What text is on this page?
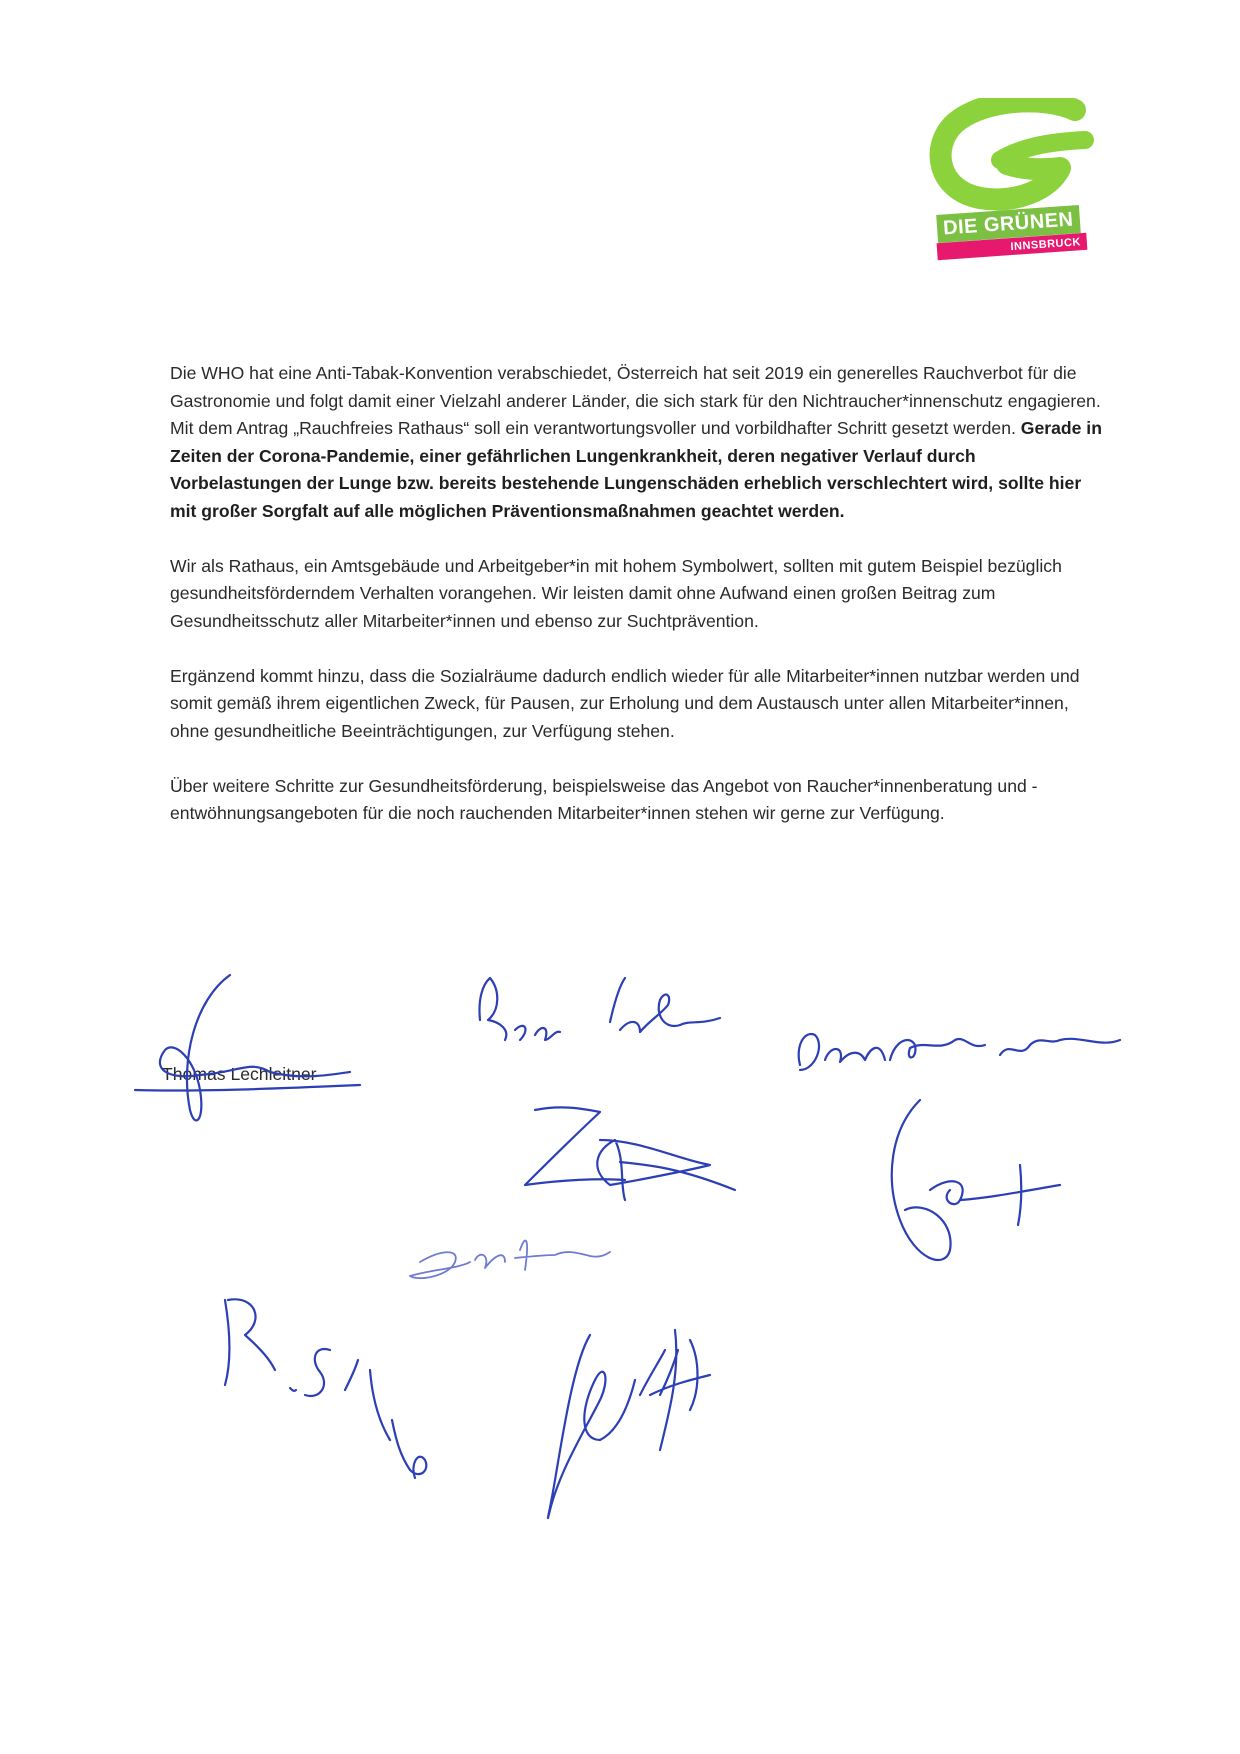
DIE GRÜNEN
INNSBRUCK

Die WHO hat eine Anti-Tabak-Konvention verabschiedet, Österreich hat seit 2019 ein generelles Rauchverbot für die Gastronomie und folgt damit einer Vielzahl anderer Länder, die sich stark für den Nichtraucher*innenschutz engagieren. Mit dem Antrag „Rauchfreies Rathaus“ soll ein verantwortungsvoller und vorbildhafter Schritt gesetzt werden. Gerade in Zeiten der Corona-Pandemie, einer gefährlichen Lungenkrankheit, deren negativer Verlauf durch Vorbelastungen der Lunge bzw. bereits bestehende Lungenschäden erheblich verschlechtert wird, sollte hier mit großer Sorgfalt auf alle möglichen Präventionsmaßnahmen geachtet werden.

Wir als Rathaus, ein Amtsgebäude und Arbeitgeber*in mit hohem Symbolwert, sollten mit gutem Beispiel bezüglich gesundheitsförderndem Verhalten vorangehen. Wir leisten damit ohne Aufwand einen großen Beitrag zum Gesundheitsschutz aller Mitarbeiter*innen und ebenso zur Suchtprävention.

Ergänzend kommt hinzu, dass die Sozialräume dadurch endlich wieder für alle Mitarbeiter*innen nutzbar werden und somit gemäß ihrem eigentlichen Zweck, für Pausen, zur Erholung und dem Austausch unter allen Mitarbeiter*innen, ohne gesundheitliche Beeinträchtigungen, zur Verfügung stehen.

Über weitere Schritte zur Gesundheitsförderung, beispielsweise das Angebot von Raucher*innenberatung und -entwöhnungsangeboten für die noch rauchenden Mitarbeiter*innen stehen wir gerne zur Verfügung.

Thomas Lechleitner
